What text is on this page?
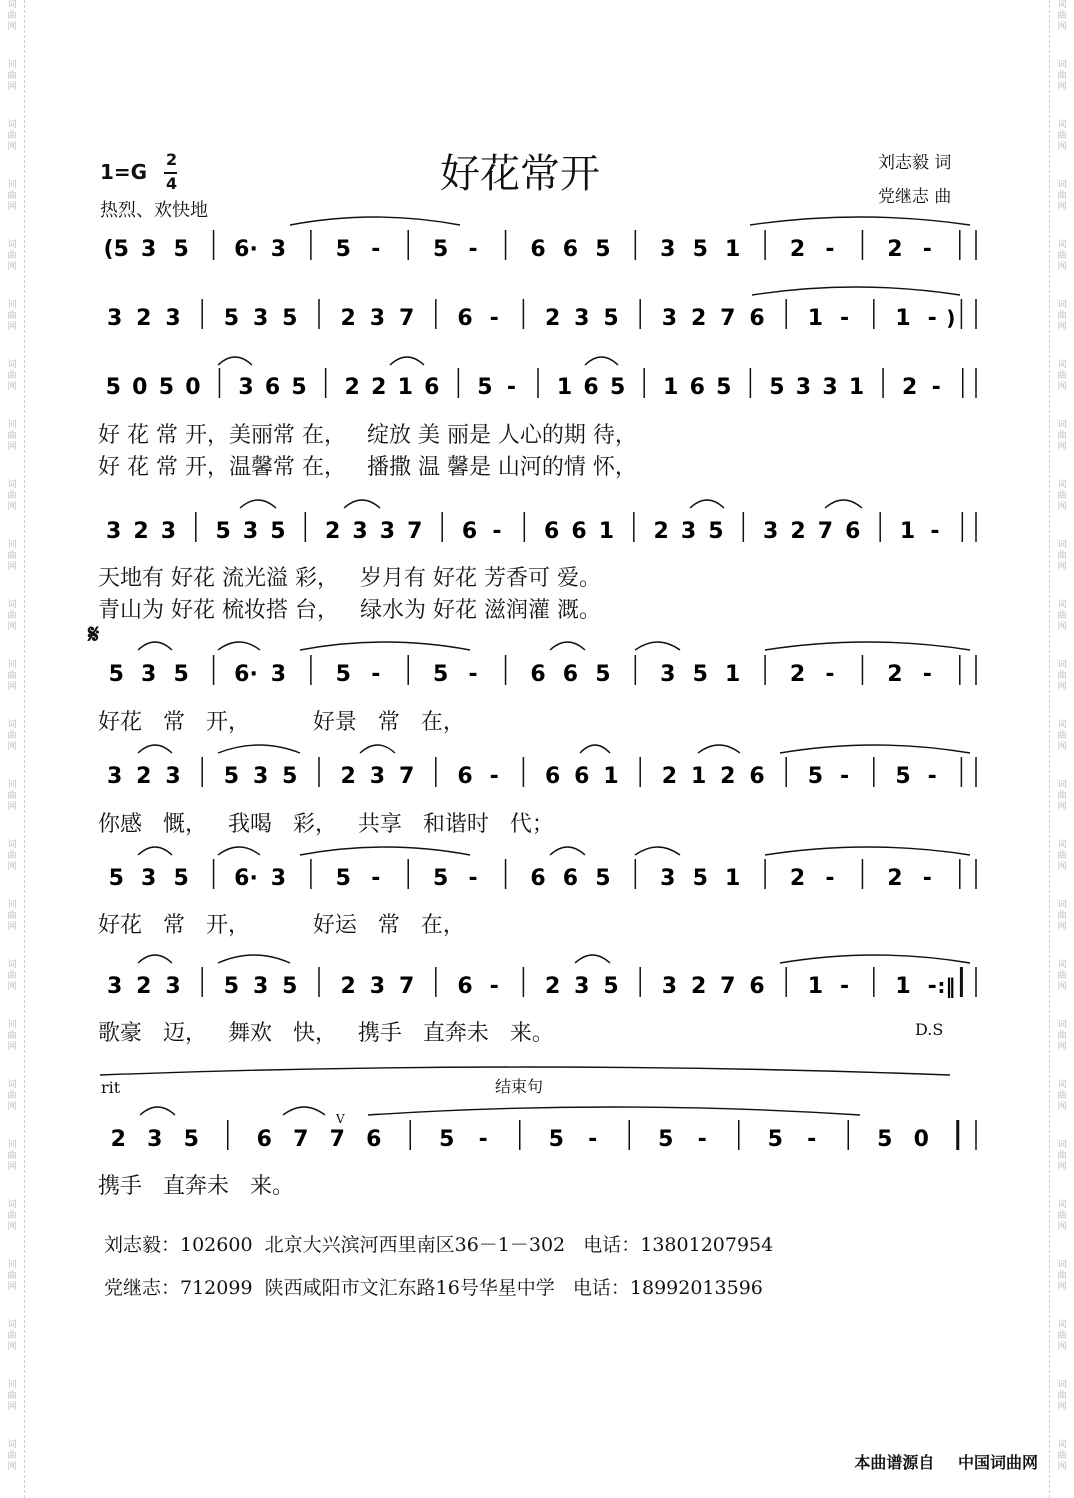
词
曲
网
词
曲
网
词
曲
网
词
曲
网
词
曲
网
词
曲
网
词
曲
网
词
曲
网
词
曲
网
词
曲
网
词
曲
网
词
曲
网
词
曲
网
词
曲
网
词
曲
网
词
曲
网
词
曲
网
词
曲
网
词
曲
网
词
曲
网
词
曲
网
词
曲
网
词
曲
网
词
曲
网
词
曲
网
词
曲
网
词
曲
网
词
曲
网
词
曲
网
词
曲
网
词
曲
网
词
曲
网
词
曲
网
词
曲
网
词
曲
网
词
曲
网
词
曲
网
词
曲
网
词
曲
网
词
曲
网
词
曲
网
词
曲
网
词
曲
网
词
曲
网
词
曲
网
词
曲
网
词
曲
网
词
曲
网
词
曲
网
词
曲
网
1=G
2
4
热烈、欢快地
好花常开	刘志毅 词
党继志 曲
(5 3 5 6· 3 5 - 5 - 6 6 5 3 5 1 2 - 2 -
3 2 3 5 3 5 2 3 7 6 - 2 3 5 3 2 7 6 1 - 1 - )
5 0 5 0 3 6 5 2 2 1 6 5 - 1 6 5 1 6 5 5 3 3 1 2 -
3 2 3 5 3 5 2 3 3 7 6 - 6 6 1 2 3 5 3 2 7 6 1 -
5 3 5 6· 3 5 - 5 - 6 6 5 3 5 1 2 - 2 -
3 2 3 5 3 5 2 3 7 6 - 6 6 1 2 1 2 6 5 - 5 -
5 3 5 6· 3 5 - 5 - 6 6 5 3 5 1 2 - 2 -
3 2 3 5 3 5 2 3 7 6 - 2 3 5 3 2 7 6 1 - 1 - :‖
2 3 5	6 7 7 6	5 -	5 -	5 -	5 -	5 0
𝄋
好 花 常 开，美丽常 在，   绽放 美 丽是 人心的期 待，
好 花 常 开，温馨常 在，   播撒 温 馨是 山河的情 怀，
天地有 好花 流光溢 彩，   岁月有 好花 芳香可 爱。
青山为 好花 梳妆搭 台，   绿水为 好花 滋润灌 溉。
好花   常   开，         好景   常   在，
你感   慨，   我喝   彩，   共享   和谐时   代；
好花   常   开，         好运   常   在，
歌豪   迈，   舞欢   快，   携手   直奔未   来。
携手   直奔未   来。
D.S
rit	结束句
V
刘志毅：102600  北京大兴滨河西里南区36－1－302   电话：13801207954
党继志：712099  陕西咸阳市文汇东路16号华星中学   电话：18992013596
本曲谱源自 中国词曲网
